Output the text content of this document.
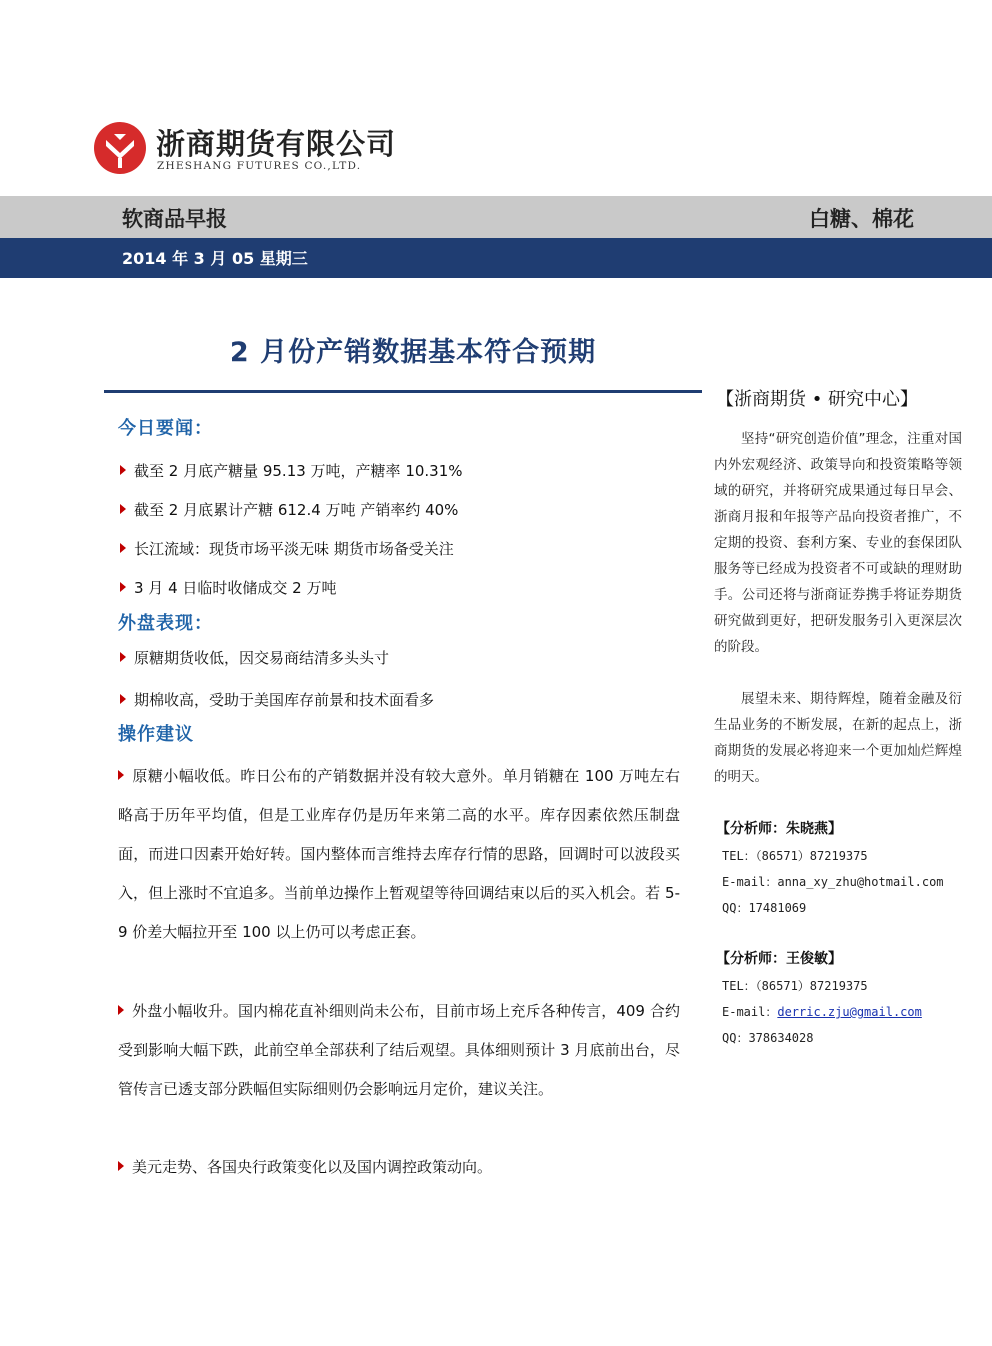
浙商期货有限公司
ZHESHANG FUTURES CO.,LTD.
软商品早报	白糖、棉花
2014 年 3 月 05 星期三
2 月份产销数据基本符合预期
今日要闻：
截至 2 月底产糖量 95.13 万吨，产糖率 10.31%
截至 2 月底累计产糖 612.4 万吨 产销率约 40%
长江流域：现货市场平淡无味 期货市场备受关注
3 月 4 日临时收储成交 2 万吨
外盘表现：
原糖期货收低，因交易商结清多头头寸
期棉收高，受助于美国库存前景和技术面看多
操作建议
原糖小幅收低。昨日公布的产销数据并没有较大意外。单月销糖在 100 万吨左右略高于历年平均值，但是工业库存仍是历年来第二高的水平。库存因素依然压制盘面，而进口因素开始好转。国内整体而言维持去库存行情的思路，回调时可以波段买入，但上涨时不宜追多。当前单边操作上暂观望等待回调结束以后的买入机会。若 5-9 价差大幅拉开至 100 以上仍可以考虑正套。
外盘小幅收升。国内棉花直补细则尚未公布，目前市场上充斥各种传言，409 合约受到影响大幅下跌，此前空单全部获利了结后观望。具体细则预计 3 月底前出台，尽管传言已透支部分跌幅但实际细则仍会影响远月定价，建议关注。
美元走势、各国央行政策变化以及国内调控政策动向。
【浙商期货 • 研究中心】
坚持“研究创造价值”理念，注重对国内外宏观经济、政策导向和投资策略等领域的研究，并将研究成果通过每日早会、浙商月报和年报等产品向投资者推广，不定期的投资、套利方案、专业的套保团队服务等已经成为投资者不可或缺的理财助手。公司还将与浙商证券携手将证券期货研究做到更好，把研发服务引入更深层次的阶段。
展望未来、期待辉煌，随着金融及衍生品业务的不断发展，在新的起点上，浙商期货的发展必将迎来一个更加灿烂辉煌的明天。
【分析师：朱晓燕】
TEL：（86571）87219375
E-mail：anna_xy_zhu@hotmail.com
QQ：17481069
【分析师：王俊敏】
TEL：（86571）87219375
E-mail：derric.zju@gmail.com
QQ：378634028
